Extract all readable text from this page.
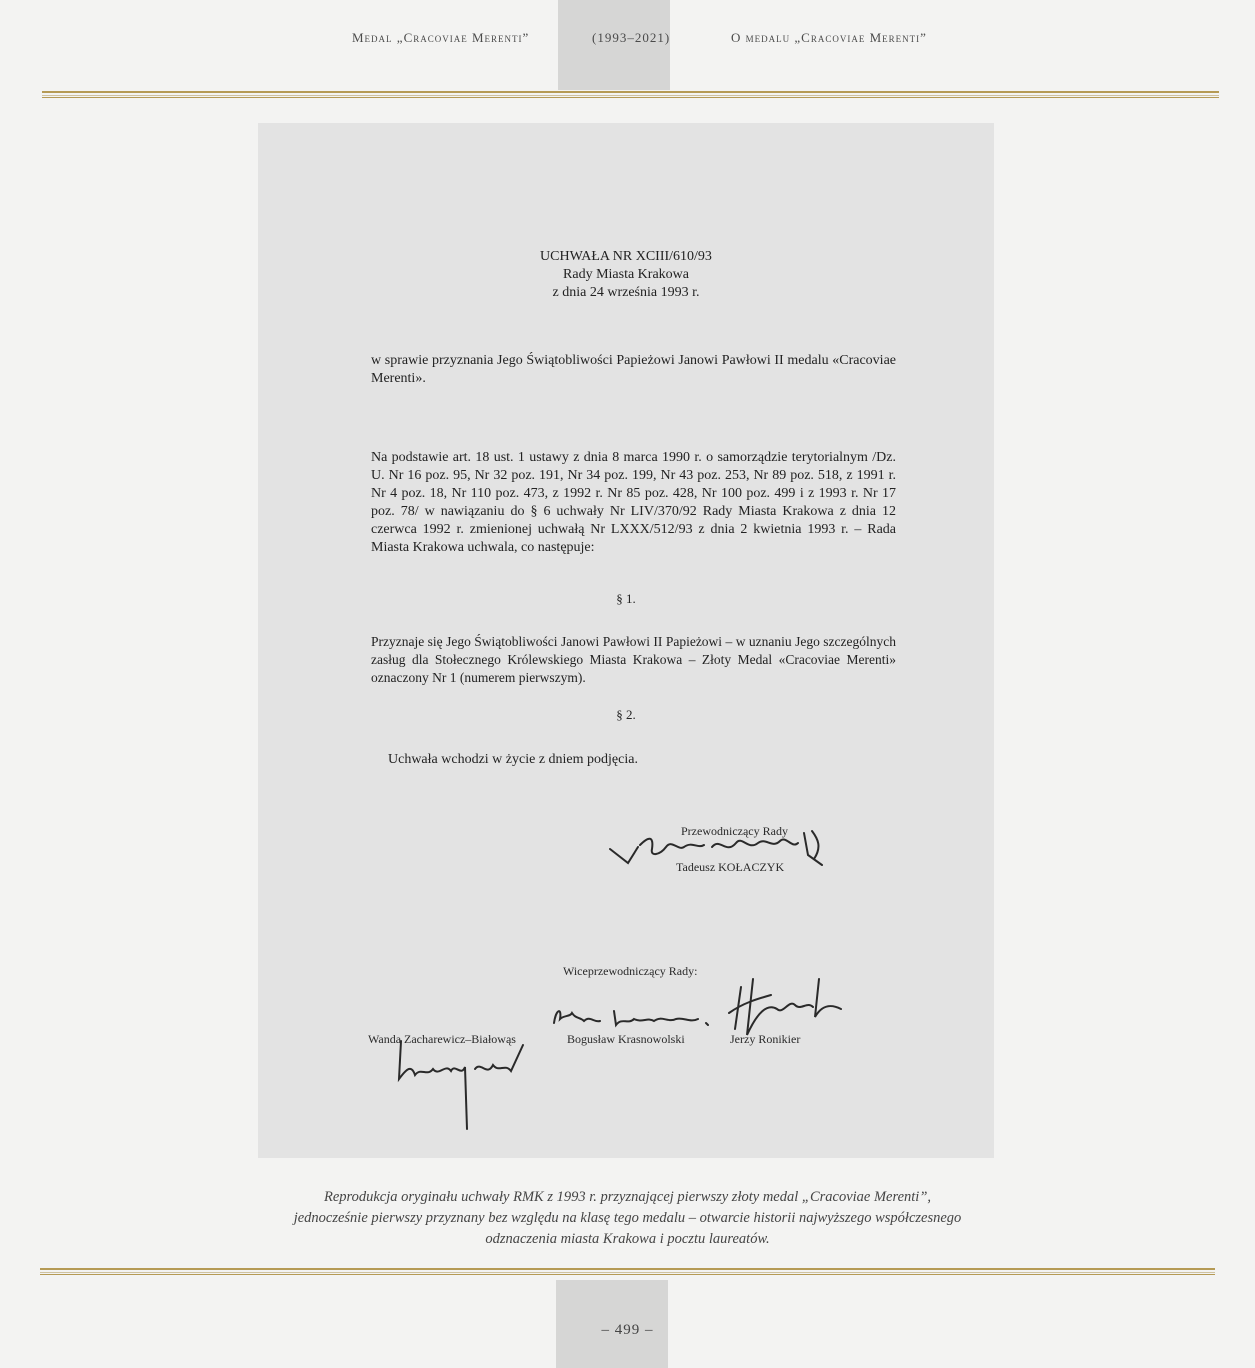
Medal „Cracoviae Merenti”	(1993–2021)	O medalu „Cracoviae Merenti”
UCHWAŁA NR XCIII/610/93
Rady Miasta Krakowa
z dnia 24 września 1993 r.
w sprawie przyznania Jego Świątobliwości Papieżowi Janowi Pawłowi II medalu «Cracoviae Merenti».
Na podstawie art. 18 ust. 1 ustawy z dnia 8 marca 1990 r. o samorządzie terytorialnym /Dz. U. Nr 16 poz. 95, Nr 32 poz. 191, Nr 34 poz. 199, Nr 43 poz. 253, Nr 89 poz. 518, z 1991 r. Nr 4 poz. 18, Nr 110 poz. 473, z 1992 r. Nr 85 poz. 428, Nr 100 poz. 499 i z 1993 r. Nr 17 poz. 78/ w nawiązaniu do § 6 uchwały Nr LIV/370/92 Rady Miasta Krakowa z dnia 12 czerwca 1992 r. zmienionej uchwałą Nr LXXX/512/93 z dnia 2 kwietnia 1993 r. – Rada Miasta Krakowa uchwala, co następuje:
§ 1.
Przyznaje się Jego Świątobliwości Janowi Pawłowi II Papieżowi – w uznaniu Jego szczególnych zasług dla Stołecznego Królewskiego Miasta Krakowa – Złoty Medal «Cracoviae Merenti» oznaczony Nr 1 (numerem pierwszym).
§ 2.
Uchwała wchodzi w życie z dniem podjęcia.
Przewodniczący Rady
Tadeusz KOŁACZYK
Wiceprzewodniczący Rady:
Wanda Zacharewicz–Białowąs	Bogusław Krasnowolski	Jerzy Ronikier
Reprodukcja oryginału uchwały RMK z 1993 r. przyznającej pierwszy złoty medal „Cracoviae Merenti”,
jednocześnie pierwszy przyznany bez względu na klasę tego medalu – otwarcie historii najwyższego współczesnego
odznaczenia miasta Krakowa i pocztu laureatów.
– 499 –
